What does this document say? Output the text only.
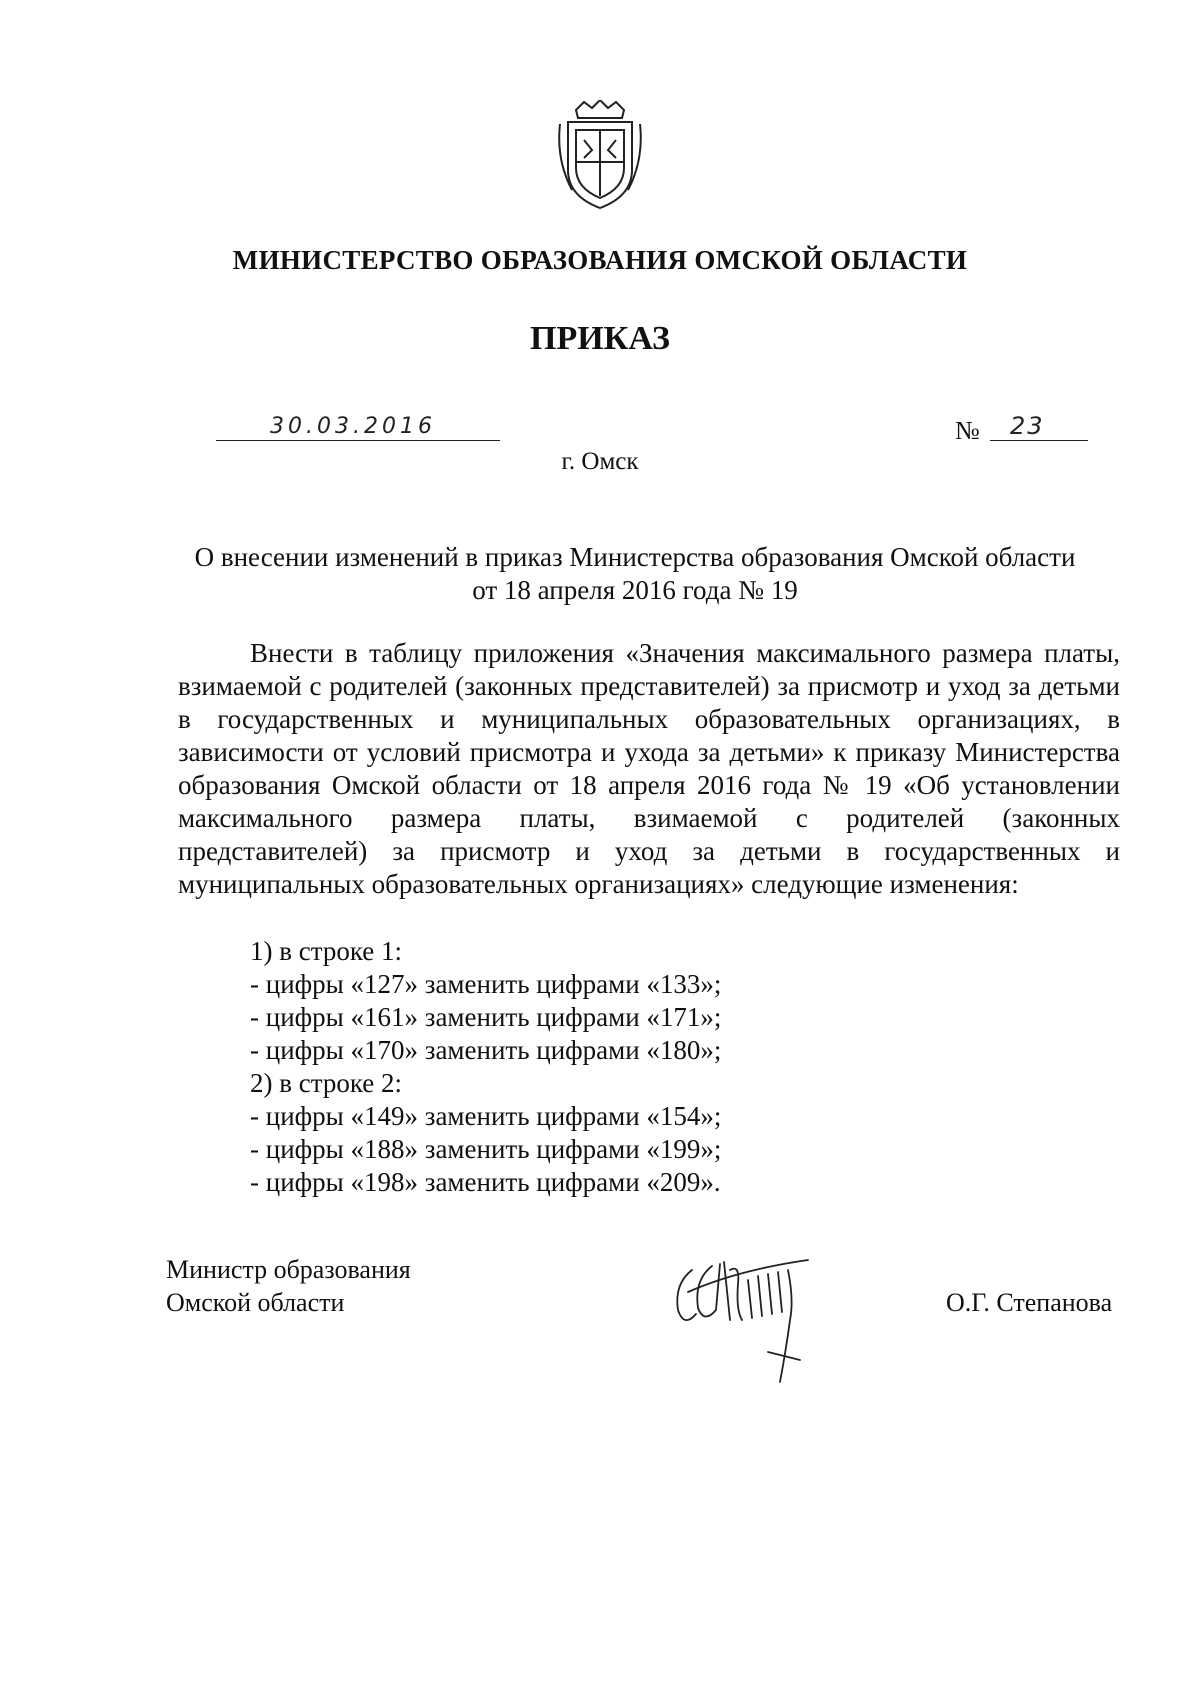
МИНИСТЕРСТВО ОБРАЗОВАНИЯ ОМСКОЙ ОБЛАСТИ
ПРИКАЗ
30.03.2016	№ 23
г. Омск
О внесении изменений в приказ Министерства образования Омской области
от 18 апреля 2016 года № 19

Внести в таблицу приложения «Значения максимального размера платы, взимаемой с родителей (законных представителей) за присмотр и уход за детьми в государственных и муниципальных образовательных организациях, в зависимости от условий присмотра и ухода за детьми» к приказу Министерства образования Омской области от 18 апреля 2016 года № 19 «Об установлении максимального размера платы, взимаемой с родителей (законных представителей) за присмотр и уход за детьми в государственных и муниципальных образовательных организациях» следующие изменения:

1) в строке 1:
- цифры «127» заменить цифрами «133»;
- цифры «161» заменить цифрами «171»;
- цифры «170» заменить цифрами «180»;
2) в строке 2:
- цифры «149» заменить цифрами «154»;
- цифры «188» заменить цифрами «199»;
- цифры «198» заменить цифрами «209».
Министр образования
Омской области	О.Г. Степанова
